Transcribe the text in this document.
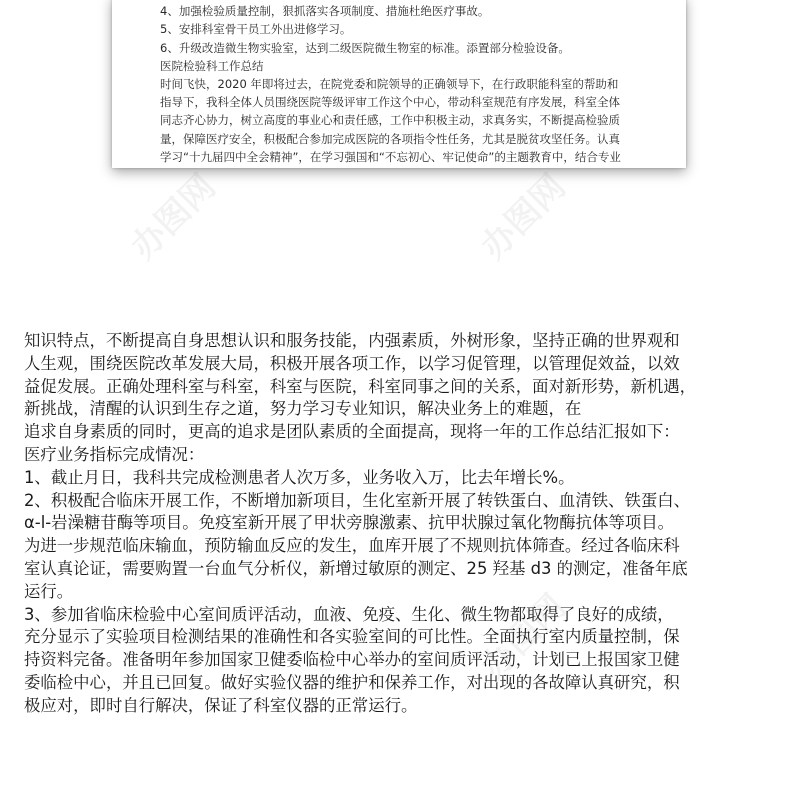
4、加强检验质量控制，狠抓落实各项制度、措施杜绝医疗事故。
5、安排科室骨干员工外出进修学习。
6、升级改造微生物实验室，达到二级医院微生物室的标准。添置部分检验设备。
医院检验科工作总结
时间飞快，2020 年即将过去，在院党委和院领导的正确领导下，在行政职能科室的帮助和
指导下，我科全体人员围绕医院等级评审工作这个中心，带动科室规范有序发展，科室全体
同志齐心协力，树立高度的事业心和责任感，工作中积极主动，求真务实，不断提高检验质
量，保障医疗安全，积极配合参加完成医院的各项指令性任务，尤其是脱贫攻坚任务。认真
学习“十九届四中全会精神”，在学习强国和“不忘初心、牢记使命”的主题教育中，结合专业
办图网
知识特点，不断提高自身思想认识和服务技能，内强素质，外树形象，坚持正确的世界观和
人生观，围绕医院改革发展大局，积极开展各项工作，以学习促管理，以管理促效益，以效
益促发展。正确处理科室与科室，科室与医院，科室同事之间的关系，面对新形势，新机遇，
新挑战，清醒的认识到生存之道，努力学习专业知识，解决业务上的难题，在
追求自身素质的同时，更高的追求是团队素质的全面提高，现将一年的工作总结汇报如下：
医疗业务指标完成情况：
1、截止月日，我科共完成检测患者人次万多，业务收入万，比去年增长%。
2、积极配合临床开展工作，不断增加新项目，生化室新开展了转铁蛋白、血清铁、铁蛋白、
α-l-岩澡糖苷酶等项目。免疫室新开展了甲状旁腺激素、抗甲状腺过氧化物酶抗体等项目。
为进一步规范临床输血，预防输血反应的发生，血库开展了不规则抗体筛查。经过各临床科
室认真论证，需要购置一台血气分析仪，新增过敏原的测定、25 羟基 d3 的测定，准备年底
运行。
3、参加省临床检验中心室间质评活动，血液、免疫、生化、微生物都取得了良好的成绩，
充分显示了实验项目检测结果的准确性和各实验室间的可比性。全面执行室内质量控制，保
持资料完备。准备明年参加国家卫健委临检中心举办的室间质评活动，计划已上报国家卫健
委临检中心，并且已回复。做好实验仪器的维护和保养工作，对出现的各故障认真研究，积
极应对，即时自行解决，保证了科室仪器的正常运行。
